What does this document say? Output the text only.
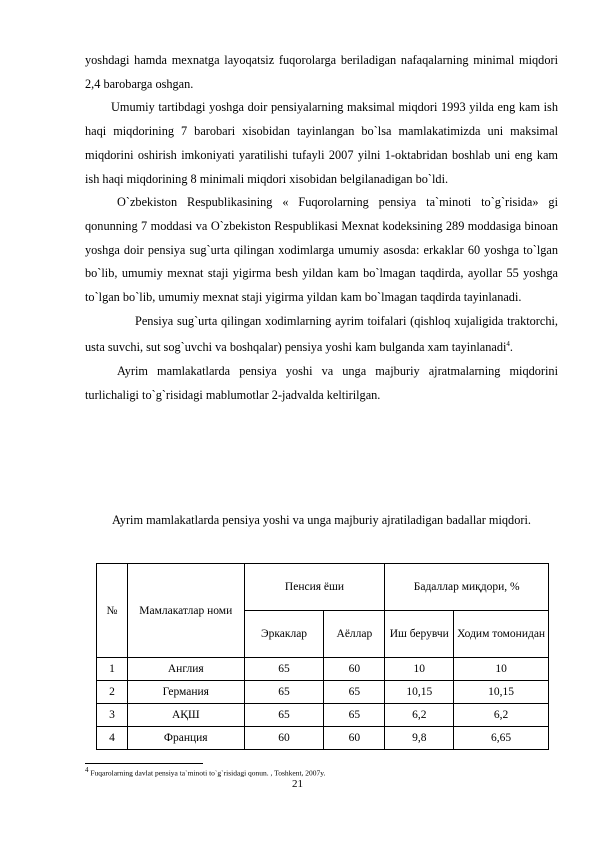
yoshdagi hamda mexnatga layoqatsiz fuqorolarga beriladigan nafaqalarning minimal miqdori 2,4 barobarga oshgan.

Umumiy tartibdagi yoshga doir pensiyalarning maksimal miqdori 1993 yilda eng kam ish haqi miqdorining 7 barobari xisobidan tayinlangan bo`lsa mamlakatimizda uni maksimal miqdorini oshirish imkoniyati yaratilishi tufayli 2007 yilni 1-oktabridan boshlab uni eng kam ish haqi miqdorining 8 minimali miqdori xisobidan belgilanadigan bo`ldi.

O`zbekiston Respublikasining « Fuqorolarning pensiya ta`minoti to`g`risida» gi qonunning 7 moddasi va O`zbekiston Respublikasi Mexnat kodeksining 289 moddasiga binoan yoshga doir pensiya sug`urta qilingan xodimlarga umumiy asosda: erkaklar 60 yoshga to`lgan bo`lib, umumiy mexnat staji yigirma besh yildan kam bo`lmagan taqdirda, ayollar 55 yoshga to`lgan bo`lib, umumiy mexnat staji yigirma yildan kam bo`lmagan taqdirda tayinlanadi.

Pensiya sug`urta qilingan xodimlarning ayrim toifalari (qishloq xujaligida traktorchi, usta suvchi, sut sog`uvchi va boshqalar) pensiya yoshi kam bulganda xam tayinlanadi$^4$.

Ayrim mamlakatlarda pensiya yoshi va unga majburiy ajratmalarning miqdorini turlichaligi to`g`risidagi mablumotlar 2-jadvalda keltirilgan.

Ayrim mamlakatlarda pensiya yoshi va unga majburiy ajratiladigan badallar miqdori.
№	Мамлакатлар номи	Пенсия ёши		Бадаллар миқдори, %	
		Эркаклар	Аёллар	Иш берувчи	Ходим томонидан
1	Англия	65	60	10	10
2	Германия	65	65	10,15	10,15
3	АҚШ	65	65	6,2	6,2
4	Франция	60	60	9,8	6,65
$^4$ Fuqarolarning davlat pensiya ta`minoti to`g`risidagi qonun. , Toshkent, 2007y.
21
